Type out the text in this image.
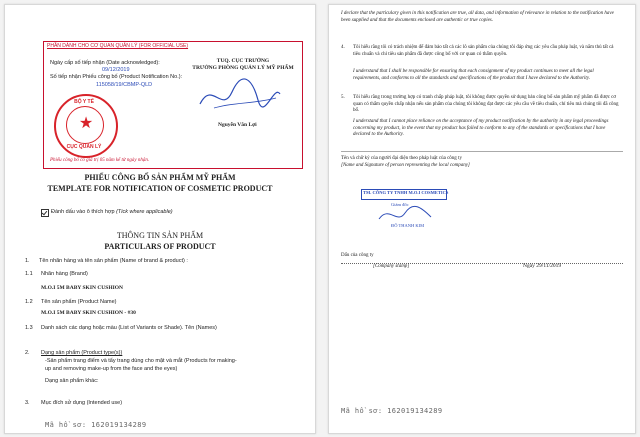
PHẦN DÀNH CHO CƠ QUAN QUẢN LÝ (FOR OFFICIAL USE)
Ngày cấp số tiếp nhận (Date acknowledged):
09/12/2019
Số tiếp nhận Phiếu công bố (Product Notification No.):
115058/19/CBMP-QLD
TUQ. CỤC TRƯỞNG
TRƯỞNG PHÒNG QUẢN LÝ MỸ PHẨM
BỘ Y TẾ
★
CỤC QUẢN LÝ
Nguyễn Văn Lợi
Phiếu công bố có giá trị 05 năm kể từ ngày nhận.
PHIẾU CÔNG BỐ SẢN PHẨM MỸ PHẨM
TEMPLATE FOR NOTIFICATION OF COSMETIC PRODUCT
Đánh dấu vào ô thích hợp (Tick where applicable)
THÔNG TIN SẢN PHẨM
PARTICULARS OF PRODUCT
1. Tên nhãn hàng và tên sản phẩm (Name of brand & product) :
1.1 Nhãn hàng (Brand)
M.O.I 5M BABY SKIN CUSHION
1.2 Tên sản phẩm (Product Name)
M.O.I 5M BABY SKIN CUSHION - #30
1.3 Danh sách các dạng hoặc màu (List of Variants or Shade). Tên (Names)
2. Dạng sản phẩm (Product type(s))
-Sản phẩm trang điểm và tẩy trang dùng cho mặt và mắt (Products for making-
up and removing make-up from the face and the eyes)
Dạng sản phẩm khác:
3. Mục đích sử dụng (Intended use)
Mã hồ sơ: 162019134289
I declare that the particulary given in this notification are true, all data, and information of relevance in relation to the notification have been supplied and that the documents enclosed are authentic or true copies.
4. Tôi hiểu rằng tôi có trách nhiệm để đảm bảo tất cả các lô sản phẩm của chúng tôi đáp ứng các yêu cầu pháp luật, và nắm thủ tất cả tiêu chuẩn và chỉ tiêu sản phẩm đã được công bố với cơ quan có thẩm quyền.
I understand that I shall be responsible for ensuring that each consignment of my product continues to meet all the legal requirements, and conforms to all the standards and specifications of the product that I have declared to the Authority.
5. Tôi hiểu rằng trong trường hợp có tranh chấp pháp luật, tôi không được quyền sử dụng bản công bố sản phẩm mỹ phẩm đã được cơ quan có thẩm quyền chấp nhận nếu sản phẩm của chúng tôi không đạt được các yêu cầu về tiêu chuẩn, chỉ tiêu mà chúng tôi đã công bố.
I understand that I cannot place reliance on the acceptance of my product notification by the authority in any legal proceedings concerning my product, in the event that my product has failed to conform to any of the standards or specifications that I have declared to the Authority.
Tên và chữ ký của người đại diện theo pháp luật của công ty
[Name and Signature of person representing the local company]
TM. CÔNG TY TNHH M.O.I COSMETICS
Giám đốc
ĐỖ THANH KIM
Dấu của công ty
[Company stamp]	Ngày 29/11/2019
Mã hồ sơ: 162019134289
